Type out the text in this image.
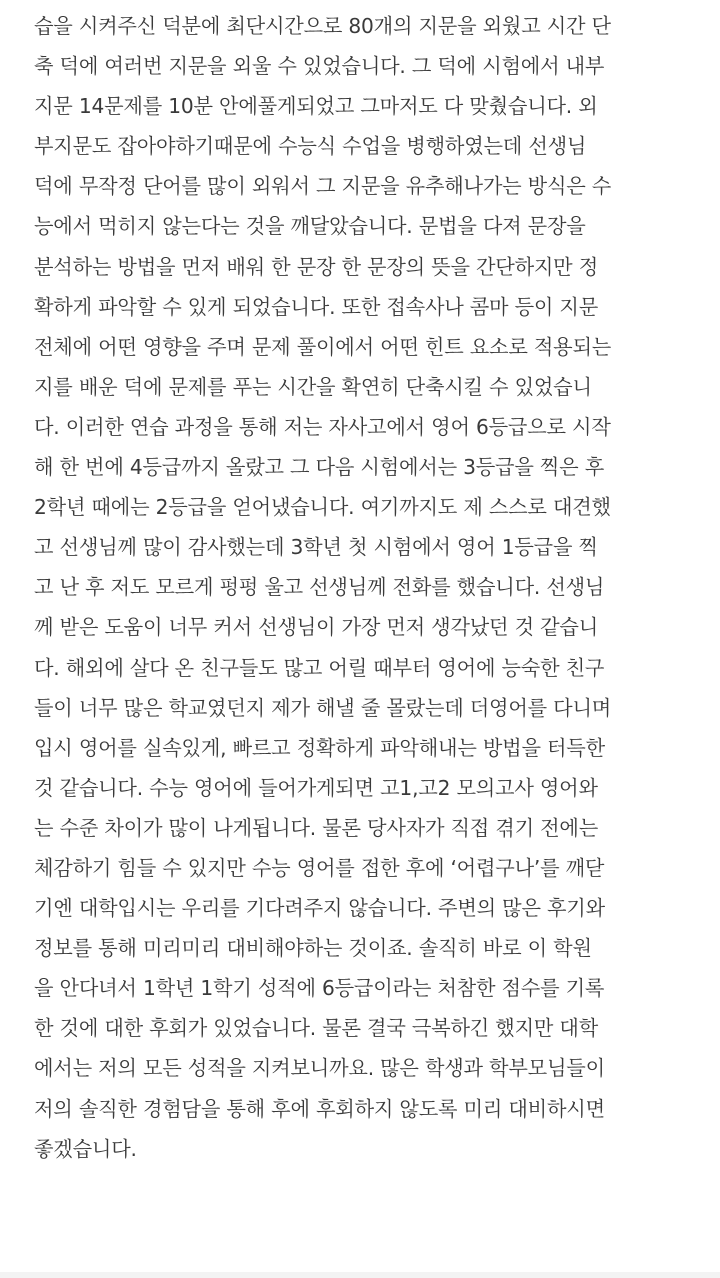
습을 시켜주신 덕분에 최단시간으로 80개의 지문을 외웠고 시간 단
축 덕에 여러번 지문을 외울 수 있었습니다. 그 덕에 시험에서 내부
지문 14문제를 10분 안에풀게되었고 그마저도 다 맞췄습니다. 외
부지문도 잡아야하기때문에 수능식 수업을 병행하였는데 선생님
덕에 무작정 단어를 많이 외워서 그 지문을 유추해나가는 방식은 수
능에서 먹히지 않는다는 것을 깨달았습니다. 문법을 다져 문장을
분석하는 방법을 먼저 배워 한 문장 한 문장의 뜻을 간단하지만 정
확하게 파악할 수 있게 되었습니다. 또한 접속사나 콤마 등이 지문
전체에 어떤 영향을 주며 문제 풀이에서 어떤 힌트 요소로 적용되는
지를 배운 덕에 문제를 푸는 시간을 확연히 단축시킬 수 있었습니
다. 이러한 연습 과정을 통해 저는 자사고에서 영어 6등급으로 시작
해 한 번에 4등급까지 올랐고 그 다음 시험에서는 3등급을 찍은 후
2학년 때에는 2등급을 얻어냈습니다. 여기까지도 제 스스로 대견했
고 선생님께 많이 감사했는데 3학년 첫 시험에서 영어 1등급을 찍
고 난 후 저도 모르게 펑펑 울고 선생님께 전화를 했습니다. 선생님
께 받은 도움이 너무 커서 선생님이 가장 먼저 생각났던 것 같습니
다. 해외에 살다 온 친구들도 많고 어릴 때부터 영어에 능숙한 친구
들이 너무 많은 학교였던지 제가 해낼 줄 몰랐는데 더영어를 다니며
입시 영어를 실속있게, 빠르고 정확하게 파악해내는 방법을 터득한
것 같습니다. 수능 영어에 들어가게되면 고1,고2 모의고사 영어와
는 수준 차이가 많이 나게됩니다. 물론 당사자가 직접 겪기 전에는
체감하기 힘들 수 있지만 수능 영어를 접한 후에 ‘어렵구나’를 깨닫
기엔 대학입시는 우리를 기다려주지 않습니다. 주변의 많은 후기와
정보를 통해 미리미리 대비해야하는 것이죠. 솔직히 바로 이 학원
을 안다녀서 1학년 1학기 성적에 6등급이라는 처참한 점수를 기록
한 것에 대한 후회가 있었습니다. 물론 결국 극복하긴 했지만 대학
에서는 저의 모든 성적을 지켜보니까요. 많은 학생과 학부모님들이
저의 솔직한 경험담을 통해 후에 후회하지 않도록 미리 대비하시면
좋겠습니다.
